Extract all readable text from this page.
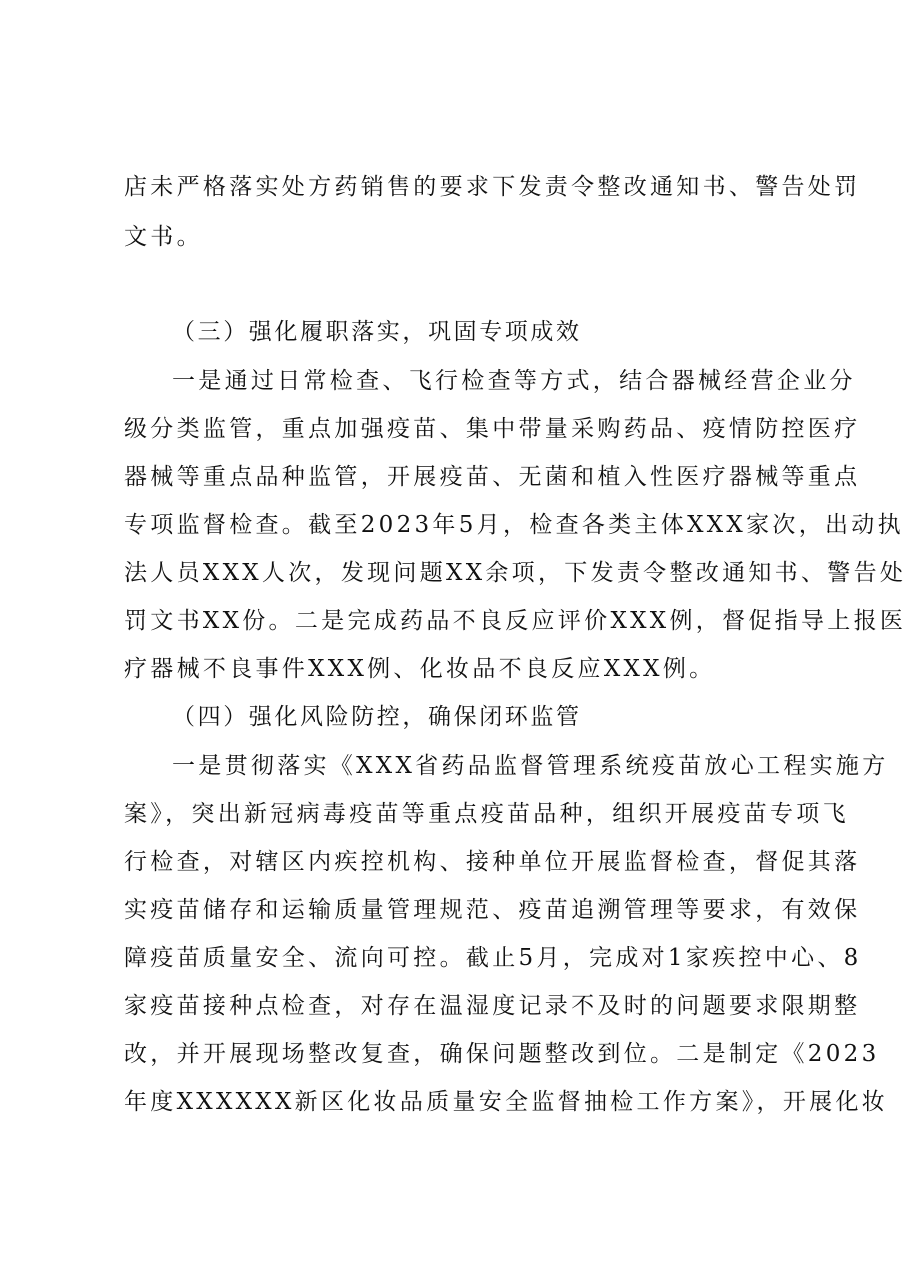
店未严格落实处方药销售的要求下发责令整改通知书、警告处罚
文书。
（三）强化履职落实，巩固专项成效
一是通过日常检查、飞行检查等方式，结合器械经营企业分
级分类监管，重点加强疫苗、集中带量采购药品、疫情防控医疗
器械等重点品种监管，开展疫苗、无菌和植入性医疗器械等重点
专项监督检查。截至2023年5月，检查各类主体XXX家次，出动执
法人员XXX人次，发现问题XX余项，下发责令整改通知书、警告处
罚文书XX份。二是完成药品不良反应评价XXX例，督促指导上报医
疗器械不良事件XXX例、化妆品不良反应XXX例。
（四）强化风险防控，确保闭环监管
一是贯彻落实《XXX省药品监督管理系统疫苗放心工程实施方
案》，突出新冠病毒疫苗等重点疫苗品种，组织开展疫苗专项飞
行检查，对辖区内疾控机构、接种单位开展监督检查，督促其落
实疫苗储存和运输质量管理规范、疫苗追溯管理等要求，有效保
障疫苗质量安全、流向可控。截止5月，完成对1家疾控中心、8
家疫苗接种点检查，对存在温湿度记录不及时的问题要求限期整
改，并开展现场整改复查，确保问题整改到位。二是制定《2023
年度XXXXXX新区化妆品质量安全监督抽检工作方案》，开展化妆
